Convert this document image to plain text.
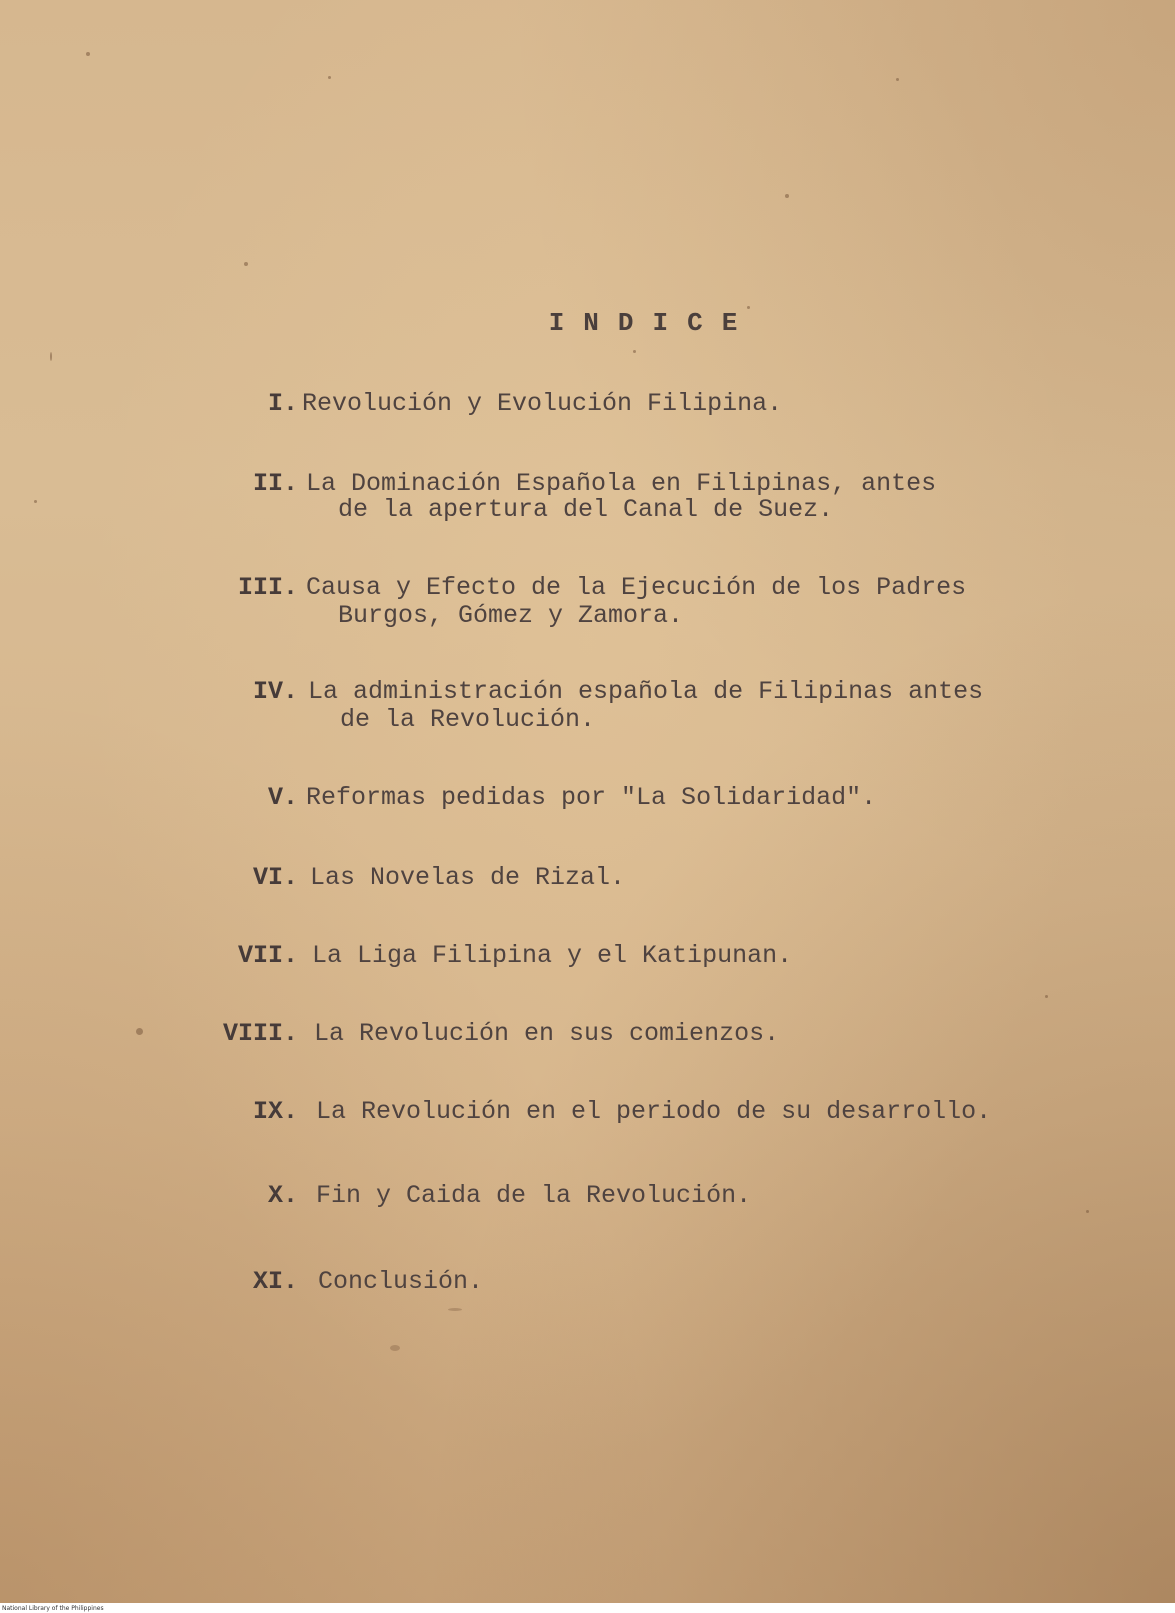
INDICE

I.

Revolución y Evolución Filipina.

II.

La Dominación Española en Filipinas, antes

de la apertura del Canal de Suez.

III.

Causa y Efecto de la Ejecución de los Padres

Burgos, Gómez y Zamora.

IV.

La administración española de Filipinas antes

de la Revolución.

V.

Reformas pedidas por "La Solidaridad".

VI.

Las Novelas de Rizal.

VII.

La Liga Filipina y el Katipunan.

VIII.

La Revolución en sus comienzos.

IX.

La Revolución en el periodo de su desarrollo.

X.

Fin y Caida de la Revolución.

XI.

Conclusión.

National Library of the Philippines
